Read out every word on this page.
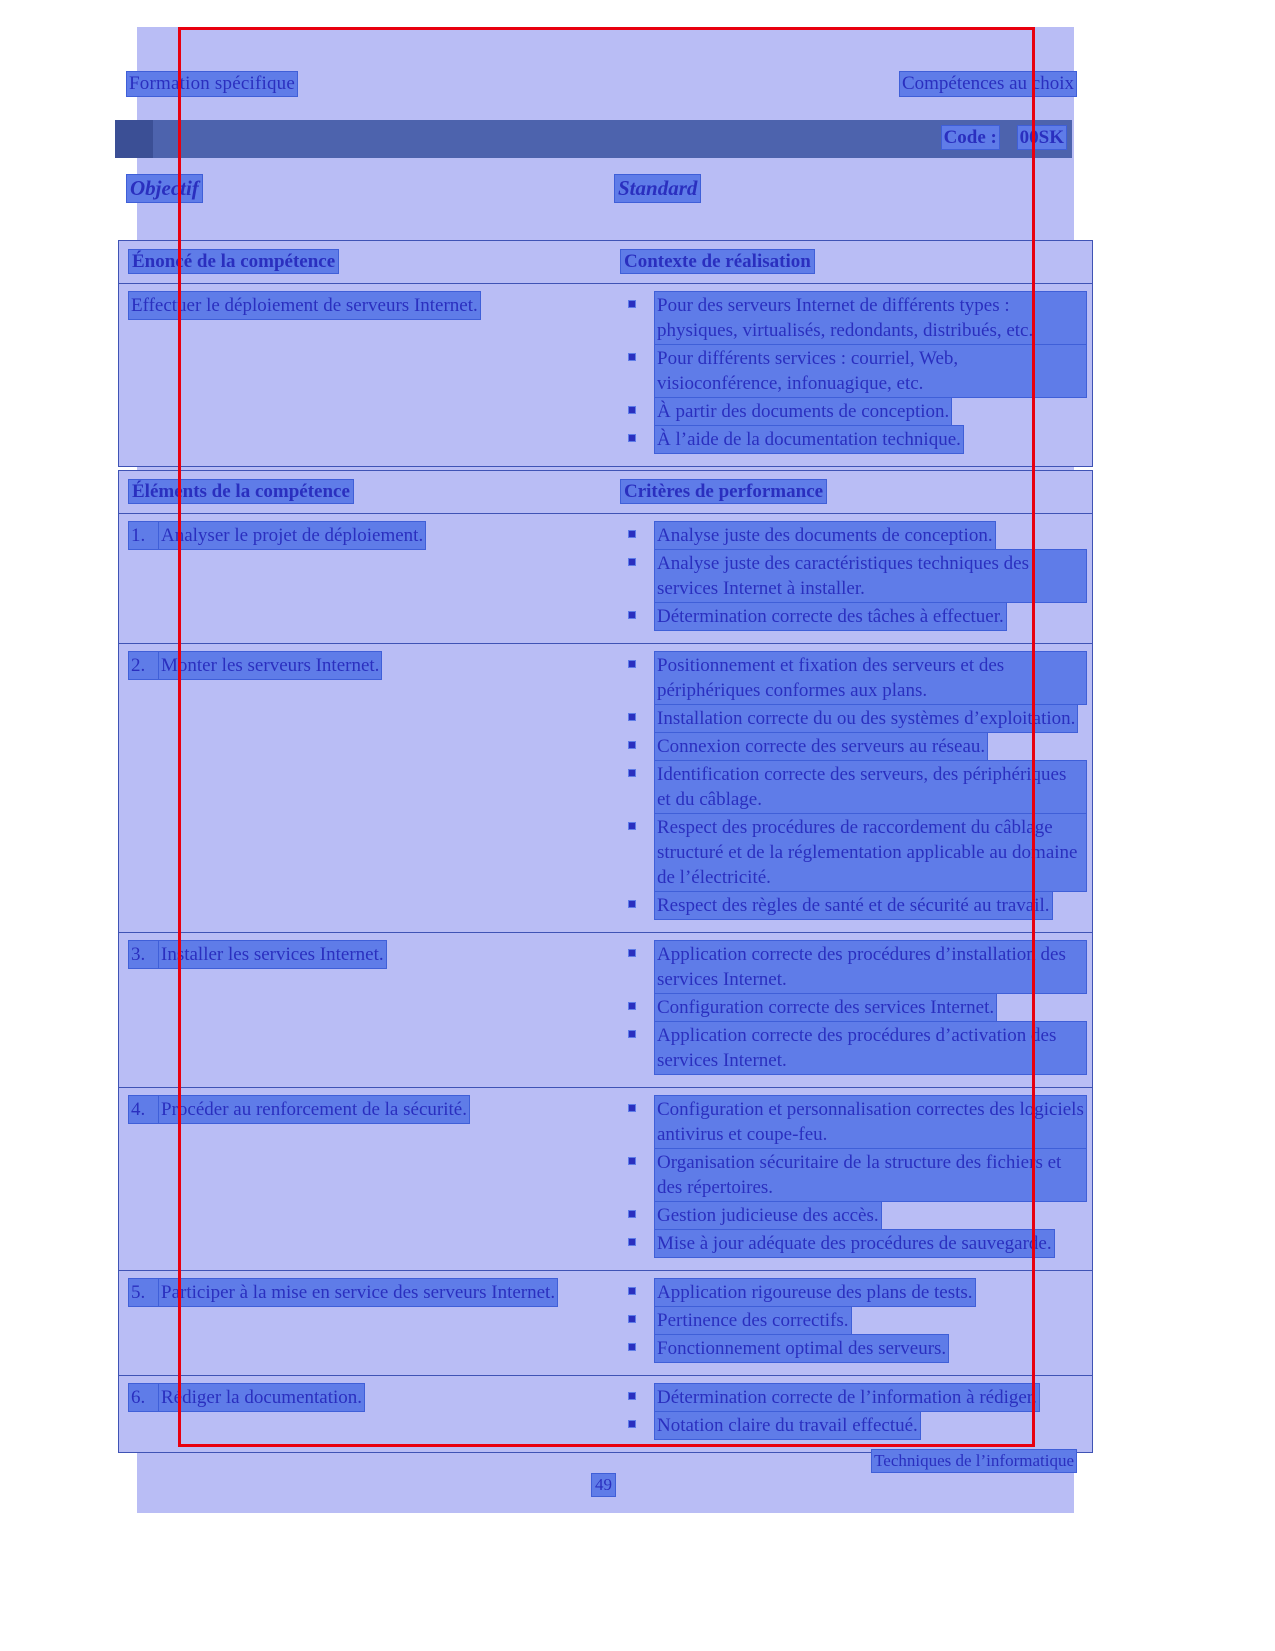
Formation spécifique	Compétences au choix
Code : 00SK
Objectif	Standard
Énoncé de la compétence	Contexte de réalisation
Effectuer le déploiement de serveurs Internet.	Pour des serveurs Internet de différents types : physiques, virtualisés, redondants, distribués, etc.
Pour différents services : courriel, Web, visioconférence, infonuagique, etc.
À partir des documents de conception.
À l’aide de la documentation technique.
Éléments de la compétence	Critères de performance
1. Analyser le projet de déploiement.	Analyse juste des documents de conception.
Analyse juste des caractéristiques techniques des services Internet à installer.
Détermination correcte des tâches à effectuer.
2. Monter les serveurs Internet.	Positionnement et fixation des serveurs et des périphériques conformes aux plans.
Installation correcte du ou des systèmes d’exploitation.
Connexion correcte des serveurs au réseau.
Identification correcte des serveurs, des périphériques et du câblage.
Respect des procédures de raccordement du câblage structuré et de la réglementation applicable au domaine de l’électricité.
Respect des règles de santé et de sécurité au travail.
3. Installer les services Internet.	Application correcte des procédures d’installation des services Internet.
Configuration correcte des services Internet.
Application correcte des procédures d’activation des services Internet.
4. Procéder au renforcement de la sécurité.	Configuration et personnalisation correctes des logiciels antivirus et coupe-feu.
Organisation sécuritaire de la structure des fichiers et des répertoires.
Gestion judicieuse des accès.
Mise à jour adéquate des procédures de sauvegarde.
5. Participer à la mise en service des serveurs Internet.	Application rigoureuse des plans de tests.
Pertinence des correctifs.
Fonctionnement optimal des serveurs.
6. Rédiger la documentation.	Détermination correcte de l’information à rédiger.
Notation claire du travail effectué.
Techniques de l’informatique
49
